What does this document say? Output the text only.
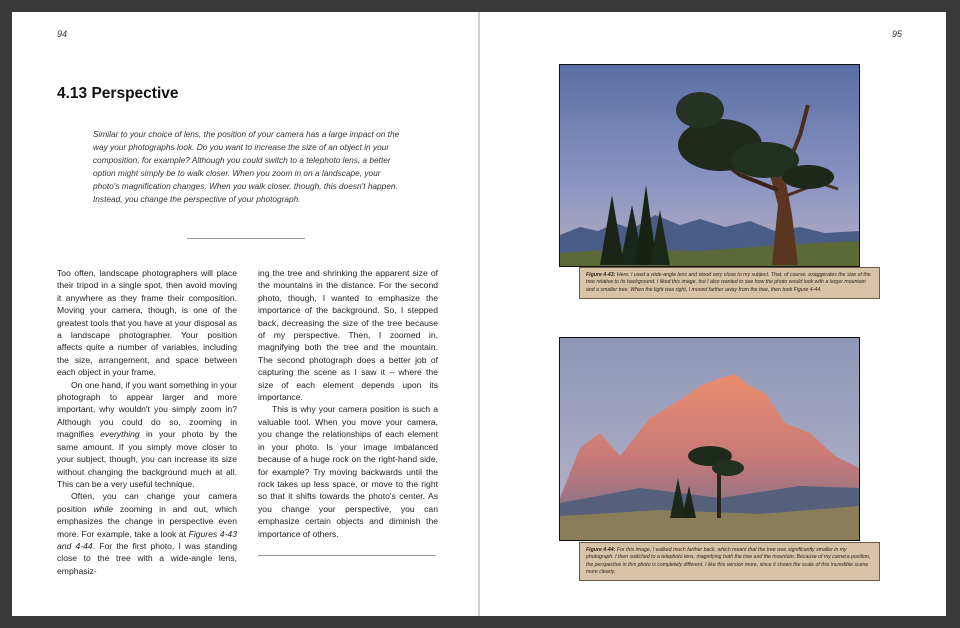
94
4.13 Perspective
Similar to your choice of lens, the position of your camera has a large impact on the way your photographs look. Do you want to increase the size of an object in your composition, for example? Although you could switch to a telephoto lens, a better option might simply be to walk closer. When you zoom in on a landscape, your photo's magnification changes. When you walk closer, though, this doesn't happen. Instead, you change the perspective of your photograph.

Too often, landscape photographers will place their tripod in a single spot, then avoid moving it anywhere as they frame their composition. Moving your camera, though, is one of the greatest tools that you have at your disposal as a landscape photographer. Your position affects quite a number of variables, including the size, arrangement, and space between each object in your frame.

On one hand, if you want something in your photograph to appear larger and more important, why wouldn't you simply zoom in? Although you could do so, zooming in magnifies everything in your photo by the same amount. If you simply move closer to your subject, though, you can increase its size without changing the background much at all. This can be a very useful technique.

Often, you can change your camera position while zooming in and out, which emphasizes the change in perspective even more. For example, take a look at Figures 4-43 and 4-44. For the first photo, I was standing close to the tree with a wide-angle lens, emphasiz-

ing the tree and shrinking the apparent size of the mountains in the distance. For the second photo, though, I wanted to emphasize the importance of the background. So, I stepped back, decreasing the size of the tree because of my perspective. Then, I zoomed in, magnifying both the tree and the mountain. The second photograph does a better job of capturing the scene as I saw it – where the size of each element depends upon its importance.

This is why your camera position is such a valuable tool. When you move your camera, you change the relationships of each element in your photo. Is your image imbalanced because of a huge rock on the right-hand side, for example? Try moving backwards until the rock takes up less space, or move to the right so that it shifts towards the photo's center. As you change your perspective, you can emphasize certain objects and diminish the importance of others.

95
Figure 4-43: Here, I used a wide-angle lens and stood very close to my subject. That, of course, exaggerates the size of the tree relative to its background. I liked this image, but I also wanted to see how the photo would look with a larger mountain and a smaller tree. When the light was right, I moved farther away from the tree, then took Figure 4-44.
Figure 4-44: For this image, I walked much farther back, which meant that the tree was significantly smaller in my photograph. I then switched to a telephoto lens, magnifying both the tree and the mountain. Because of my camera position, the perspective in this photo is completely different. I like this version more, since it shows the scale of this incredible scene more clearly.
